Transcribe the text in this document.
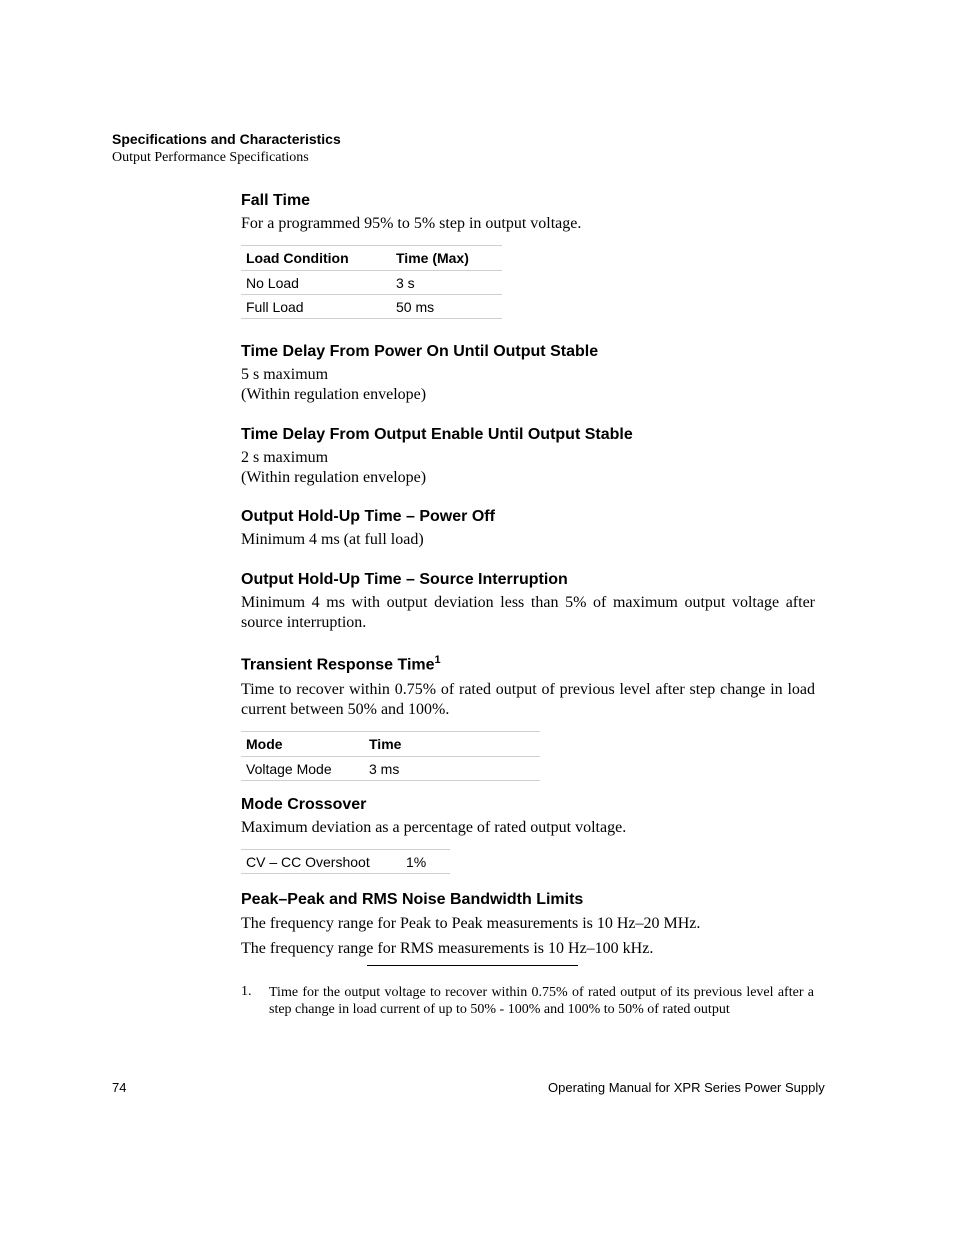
Specifications and Characteristics
Output Performance Specifications
Fall Time
For a programmed 95% to 5% step in output voltage.
Load Condition	Time (Max)
No Load	3 s
Full Load	50 ms
Time Delay From Power On Until Output Stable
5 s maximum
(Within regulation envelope)
Time Delay From Output Enable Until Output Stable
2 s maximum
(Within regulation envelope)
Output Hold-Up Time – Power Off
Minimum 4 ms (at full load)
Output Hold-Up Time – Source Interruption
Minimum 4 ms with output deviation less than 5% of maximum output voltage after source interruption.
Transient Response Time$^1$
Time to recover within 0.75% of rated output of previous level after step change in load current between 50% and 100%.
Mode	Time
Voltage Mode	3 ms
Mode Crossover
Maximum deviation as a percentage of rated output voltage.
CV – CC Overshoot	1%
Peak–Peak and RMS Noise Bandwidth Limits
The frequency range for Peak to Peak measurements is 10 Hz–20 MHz.
The frequency range for RMS measurements is 10 Hz–100 kHz.
1. Time for the output voltage to recover within 0.75% of rated output of its previous level after a step change in load current of up to 50% - 100% and 100% to 50% of rated output
74	Operating Manual for XPR Series Power Supply
